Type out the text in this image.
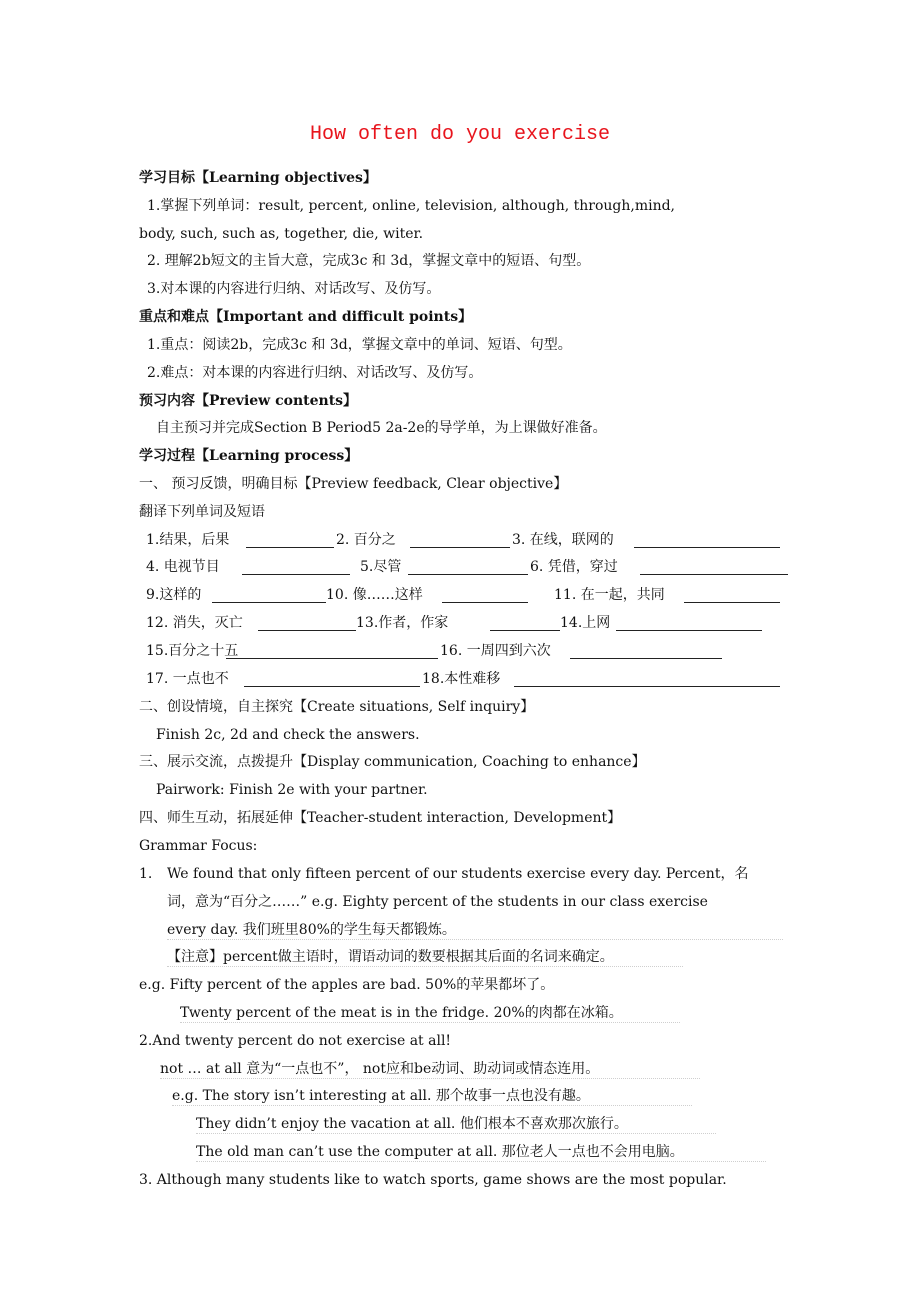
How often do you exercise
学习目标【Learning objectives】
1.掌握下列单词：result, percent, online, television, although, through,mind,
body, such, such as, together, die, witer.
2. 理解2b短文的主旨大意，完成3c 和 3d，掌握文章中的短语、句型。
3.对本课的内容进行归纳、对话改写、及仿写。
重点和难点【Important and difficult points】
1.重点：阅读2b，完成3c 和 3d，掌握文章中的单词、短语、句型。
2.难点：对本课的内容进行归纳、对话改写、及仿写。
预习内容【Preview contents】
自主预习并完成Section B Period5 2a-2e的导学单，为上课做好准备。
学习过程【Learning process】
一、 预习反馈，明确目标【Preview feedback, Clear objective】
翻译下列单词及短语
1.结果，后果	2. 百分之	3. 在线，联网的
4. 电视节目	5.尽管	6. 凭借，穿过
9.这样的	10. 像……这样	11. 在一起，共同
12. 消失，灭亡	13.作者，作家	14.上网
15.百分之十五	16. 一周四到六次
17. 一点也不	18.本性难移
二、创设情境，自主探究【Create situations, Self inquiry】
Finish 2c, 2d and check the answers.
三、展示交流，点拨提升【Display communication, Coaching to enhance】
Pairwork: Finish 2e with your partner.
四、师生互动，拓展延伸【Teacher-student interaction, Development】
Grammar Focus:
1. We found that only fifteen percent of our students exercise every day. Percent，名
词，意为“百分之……” e.g. Eighty percent of the students in our class exercise
every day. 我们班里80%的学生每天都锻炼。
【注意】percent做主语时，谓语动词的数要根据其后面的名词来确定。
e.g. Fifty percent of the apples are bad. 50%的苹果都坏了。
Twenty percent of the meat is in the fridge. 20%的肉都在冰箱。
2.And twenty percent do not exercise at all!
not … at all 意为“一点也不”， not应和be动词、助动词或情态连用。
e.g. The story isn’t interesting at all. 那个故事一点也没有趣。
They didn’t enjoy the vacation at all. 他们根本不喜欢那次旅行。
The old man can’t use the computer at all. 那位老人一点也不会用电脑。
3. Although many students like to watch sports, game shows are the most popular.
